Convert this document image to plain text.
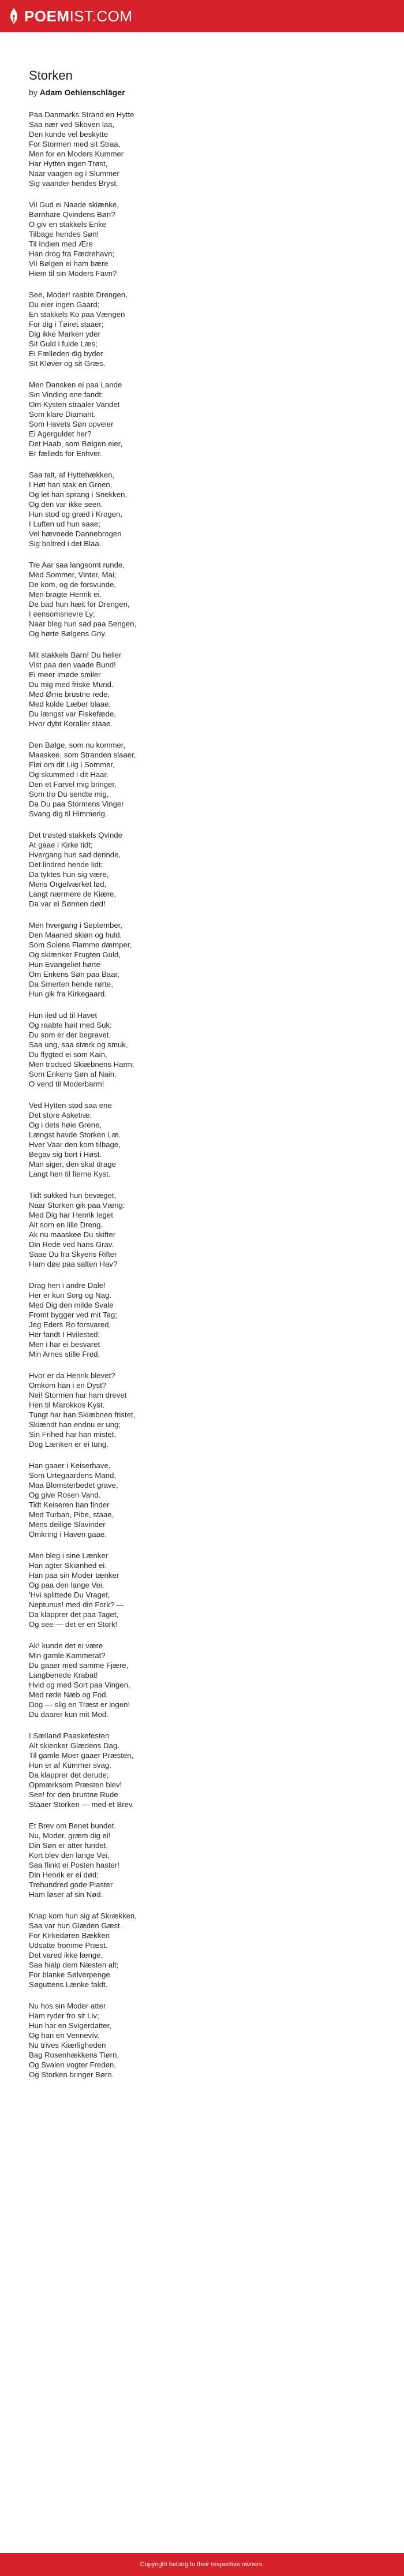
POEMIST.COM
Storken
by Adam Oehlenschläger
Paa Danmarks Strand en Hytte
Saa nær ved Skoven laa,
Den kunde vel beskytte
For Stormen med sit Straa,
Men for en Moders Kummer
Har Hytten ingen Trøst,
Naar vaagen og i Slummer
Sig vaander hendes Bryst.
Vil Gud ei Naade skiænke,
Børnhare Qvindens Bøn?
O giv en stakkels Enke
Tilbage hendes Søn!
Til Indien med Ære
Han drog fra Fædrehavn;
Vil Bølgen ei ham bære
Hiem til sin Moders Favn?
See, Moder! raabte Drengen,
Du eier ingen Gaard;
En stakkels Ko paa Vængen
For dig i Tøiret staaer;
Dig ikke Marken yder
Sit Guld i fulde Læs;
Ei Fælleden dig byder
Sit Kløver og sit Græs.
Men Dansken ei paa Lande
Sin Vinding ene fandt:
Om Kysten straaler Vandet
Som klare Diamant.
Som Havets Søn opveier
Ei Agerguldet her?
Det Haab, som Bølgen eier,
Er fælleds for Enhver.
Saa talt, af Hyttehækken,
I Høt han stak en Green,
Og let han sprang i Snekken,
Og den var ikke seen.
Hun stod og græd i Krogen,
I Luften ud hun saae;
Vel hævnede Dannebrogen
Sig boltred i det Blaa.
Tre Aar saa langsomt runde,
Med Sommer, Vinter, Mai;
De kom, og de forsvunde,
Men bragte Henrik ei.
De bad hun hæit for Drengen,
I eensomsnevre Ly;
Naar bleg hun sad paa Sengen,
Og hørte Bølgens Gny.
Mit stakkels Barn! Du heller
Vist paa den vaade Bund!
Ei meer imøde smiler
Du mig med friske Mund.
Med Ørne brustne rede,
Med kolde Læber blaae,
Du længst var Fiskefæde,
Hvor dybt Koraller staae.
Den Bølge, som nu kommer,
Maaskee, som Stranden slaaer,
Fløi om dit Liig i Sommer,
Og skummed i dit Haar.
Den et Farvel mig bringer,
Som tro Du sendte mig,
Da Du paa Stormens Vinger
Svang dig til Himmerig.
Det trøsted stakkels Qvinde
At gaae i Kirke tidt;
Hvergang hun sad derinde,
Det lindred hende lidt;
Da tyktes hun sig være,
Mens Orgelværket lød,
Langt nærmere de Kiære,
Da var ei Sønnen død!
Men hvergang i September,
Den Maaned skiøn og huld,
Som Solens Flamme dæmper,
Og skiænker Frugten Guld,
Hun Evangeliet hørte
Om Enkens Søn paa Baar,
Da Smerten hende rørte,
Hun gik fra Kirkegaard.
Hun iled ud til Havet
Og raabte høit med Suk:
Du som er der begravet,
Saa ung, saa stærk og smuk,
Du flygted ei som Kain,
Men trodsed Skiæbnens Harm;
Som Enkens Søn af Nain.
O vend til Moderbarm!
Ved Hytten stod saa ene
Det store Asketræ,
Og i dets høie Grene,
Længst havde Storken Læ.
Hver Vaar den kom tilbage,
Begav sig bort i Høst.
Man siger, den skal drage
Langt hen til fierne Kyst.
Tidt sukked hun bevæget,
Naar Storken gik paa Væng:
Med Dig har Henrik leget
Alt som en lille Dreng.
Ak nu maaskee Du skifter
Din Rede ved hans Grav.
Saae Du fra Skyens Rifter
Ham døe paa salten Hav?
Drag hen i andre Dale!
Her er kun Sorg og Nag.
Med Dig den milde Svale
Fromt bygger ved mit Tag;
Jeg Eders Ro forsvared,
Her fandt I Hvilested;
Men i har ei besvaret
Min Arnes stille Fred.
Hvor er da Henrik blevet?
Omkom han i en Dyst?
Nei! Stormen har ham drevet
Hen til Marokkos Kyst.
Tungt har han Skiæbnen fristet,
Skiændt han endnu er ung;
Sin Frihed har han mistet,
Dog Lænken er ei tung.
Han gaaer i Keiserhave,
Som Urtegaardens Mand,
Maa Blomsterbedet grave,
Og give Rosen Vand.
Tidt Keiseren han finder
Med Turban, Pibe, staae,
Mens deilige Slavinder
Omkring i Haven gaae.
Men bleg i sine Lænker
Han agter Skiønhed ei.
Han paa sin Moder tænker
Og paa den lange Vei.
'Hvi splittede Du Vraget,
Neptunus! med din Fork? —
Da klapprer det paa Taget,
Og see — det er en Stork!
Ak! kunde det ei være
Min gamle Kammerat?
Du gaaer med samme Fjære,
Langbenede Krabat!
Hvid og med Sort paa Vingen,
Med røde Næb og Fod.
Dog — slig en Træst er ingen!
Du daarer kun mit Mod.
I Sælland Paaskefesten
Alt skienker Glædens Dag.
Til gamle Moer gaaer Præsten,
Hun er af Kummer svag.
Da klapprer det derude;
Opmærksom Præsten blev!
See! for den brustne Rude
Staaer Storken — med et Brev.
Et Brev om Benet bundet.
Nu, Moder, græm dig ei!
Din Søn er atter fundet,
Kort blev den lange Vei.
Saa flinkt ei Posten haster!
Din Henrik er ei død;
Trehundred gode Piaster
Ham løser af sin Nød.
Knap kom hun sig af Skrækken,
Saa var hun Glæden Gæst.
For Kirkedøren Bækken
Udsatte fromme Præst.
Det vared ikke længe,
Saa hialp dem Næsten alt;
For blanke Sølverpenge
Søguttens Lænke faldt.
Nu hos sin Moder atter
Ham ryder fro sit Liv;
Hun har en Svigerdatter,
Og han en Vennevív.
Nu trives Kiærligheden
Bag Rosenhækkens Tiørn,
Og Svalen vogter Freden,
Og Storken bringer Børn.
Copyright belong to their respective owners.
